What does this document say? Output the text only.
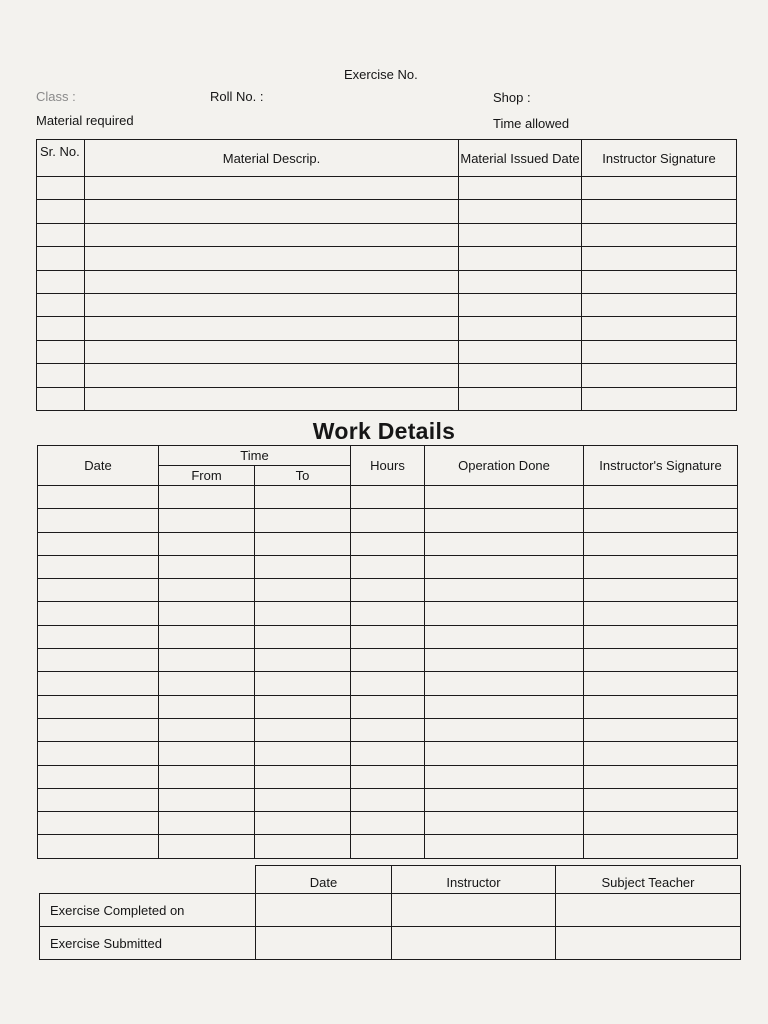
Exercise No.
Class :	Roll No. :	Shop :
Material required	Time allowed
Sr. No.	Material Descrip.	Material Issued Date	Instructor Signature

Work Details
Date	Time		Hours	Operation Done	Instructor's Signature
	From	To			

	Date	Instructor	Subject Teacher
Exercise Completed on			
Exercise Submitted			
